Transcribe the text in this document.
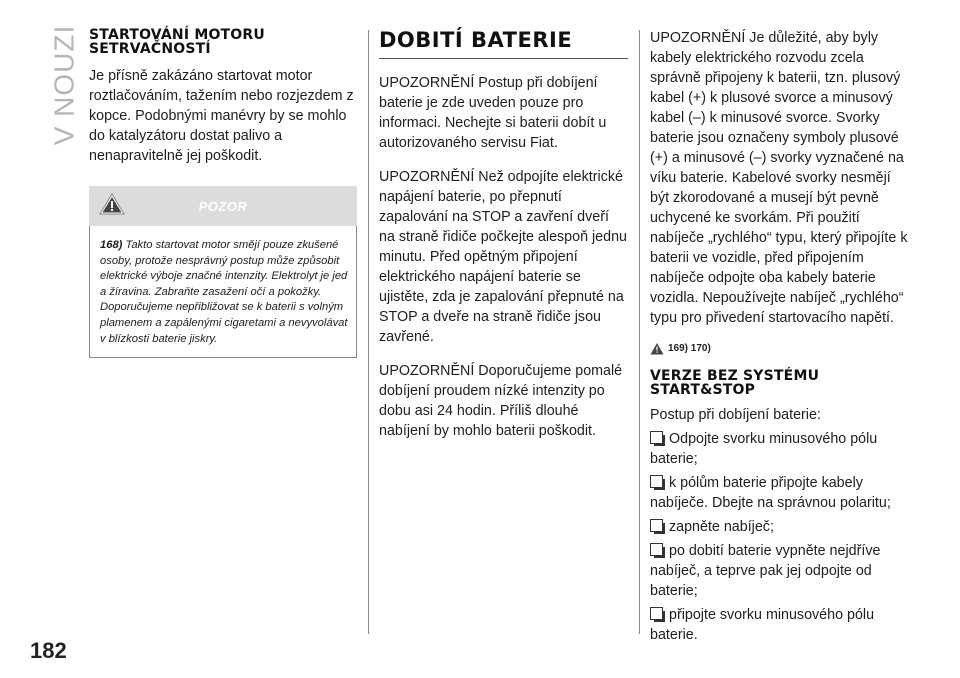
V NOUZI STARTOVÁNÍ MOTORU SETRVAČNOSTÍ

Je přísně zakázáno startovat motor roztlačováním, tažením nebo rozjezdem z kopce. Podobnými manévry by se mohlo do katalyzátoru dostat palivo a nenapravitelně jej poškodit.

POZOR
168) Takto startovat motor smějí pouze zkušené osoby, protože nesprávný postup může způsobit elektrické výboje značné intenzity. Elektrolyt je jed a žíravina. Zabraňte zasažení očí a pokožky. Doporučujeme nepřibližovat se k baterii s volným plamenem a zapálenými cigaretami a nevyvolávat v blízkosti baterie jiskry.
DOBITÍ BATERIE

UPOZORNĚNÍ Postup při dobíjení baterie je zde uveden pouze pro informaci. Nechejte si baterii dobít u autorizovaného servisu Fiat.

UPOZORNĚNÍ Než odpojíte elektrické napájení baterie, po přepnutí zapalování na STOP a zavření dveří na straně řidiče počkejte alespoň jednu minutu. Před opětným připojení elektrického napájení baterie se ujistěte, zda je zapalování přepnuté na STOP a dveře na straně řidiče jsou zavřené.

UPOZORNĚNÍ Doporučujeme pomalé dobíjení proudem nízké intenzity po dobu asi 24 hodin. Příliš dlouhé nabíjení by mohlo baterii poškodit.

UPOZORNĚNÍ Je důležité, aby byly kabely elektrického rozvodu zcela správně připojeny k baterii, tzn. plusový kabel (+) k plusové svorce a minusový kabel (–) k minusové svorce. Svorky baterie jsou označeny symboly plusové (+) a minusové (–) svorky vyznačené na víku baterie. Kabelové svorky nesmějí být zkorodované a musejí být pevně uchycené ke svorkám. Při použití nabíječe „rychlého“ typu, který připojíte k baterii ve vozidle, před připojením nabíječe odpojte oba kabely baterie vozidla. Nepoužívejte nabíječ „rychlého“ typu pro přivedení startovacího napětí.

169) 170)
VERZE BEZ SYSTÉMU START&STOP

Postup při dobíjení baterie:

Odpojte svorku minusového pólu baterie;
k pólům baterie připojte kabely nabíječe. Dbejte na správnou polaritu;
zapněte nabíječ;
po dobití baterie vypněte nejdříve nabíječ, a teprve pak jej odpojte od baterie;
připojte svorku minusového pólu baterie.
182
